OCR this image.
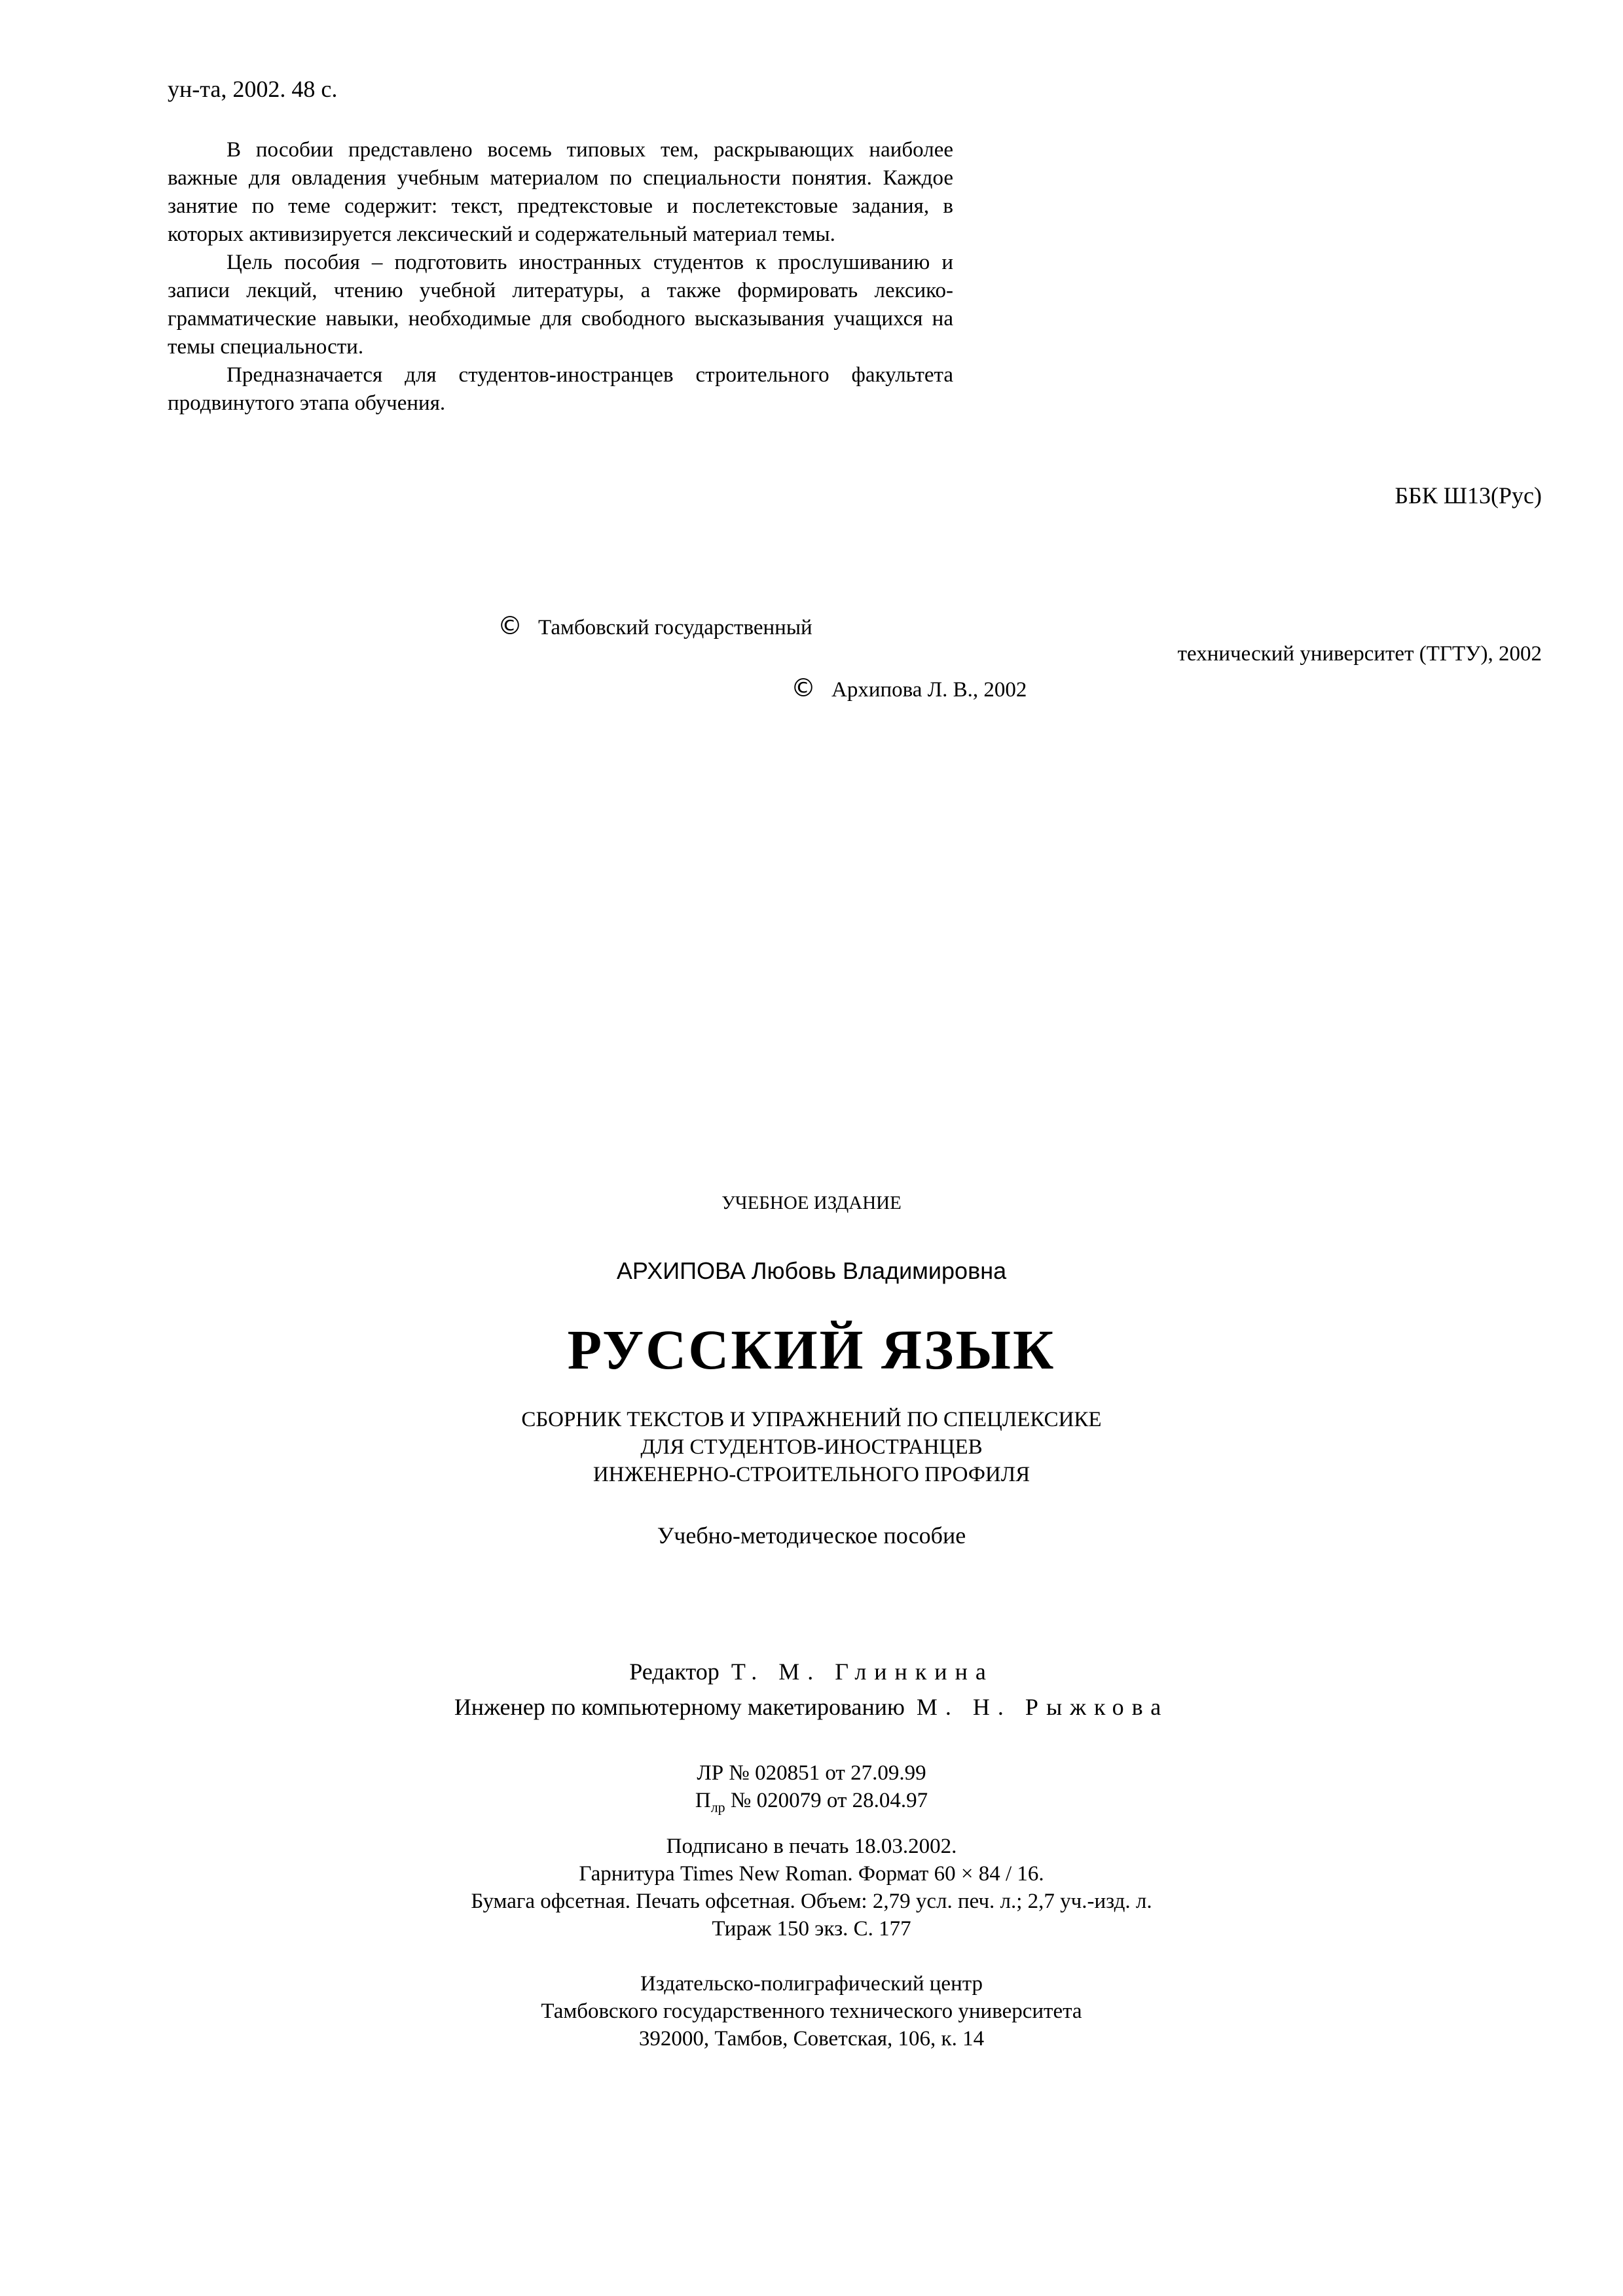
ун-та, 2002. 48 с.

В пособии представлено восемь типовых тем, раскрывающих наиболее важные для овладения учебным материалом по специальности понятия. Каждое занятие по теме содержит: текст, предтекстовые и послетекстовые задания, в которых активизируется лексический и содержательный материал темы.

Цель пособия – подготовить иностранных студентов к прослушиванию и записи лекций, чтению учебной литературы, а также формировать лексико-грамматические навыки, необходимые для свободного высказывания учащихся на темы специальности.

Предназначается для студентов-иностранцев строительного факультета продвинутого этапа обучения.

ББК Ш13(Рус)
© Тамбовский государственный
технический университет (ТГТУ), 2002
© Архипова Л. В., 2002
УЧЕБНОЕ ИЗДАНИЕ
АРХИПОВА Любовь Владимировна
РУССКИЙ ЯЗЫК
СБОРНИК ТЕКСТОВ И УПРАЖНЕНИЙ ПО СПЕЦЛЕКСИКЕ
ДЛЯ СТУДЕНТОВ-ИНОСТРАНЦЕВ
ИНЖЕНЕРНО-СТРОИТЕЛЬНОГО ПРОФИЛЯ
Учебно-методическое пособие
Редактор Т. М. Глинкина
Инженер по компьютерному макетированию М. Н. Рыжкова
ЛР № 020851 от 27.09.99
$П_{лр}$ № 020079 от 28.04.97
Подписано в печать 18.03.2002.
Гарнитура Times New Roman. Формат 60 × 84 / 16.
Бумага офсетная. Печать офсетная. Объем: 2,79 усл. печ. л.; 2,7 уч.-изд. л.
Тираж 150 экз. С. 177
Издательско-полиграфический центр
Тамбовского государственного технического университета
392000, Тамбов, Советская, 106, к. 14
